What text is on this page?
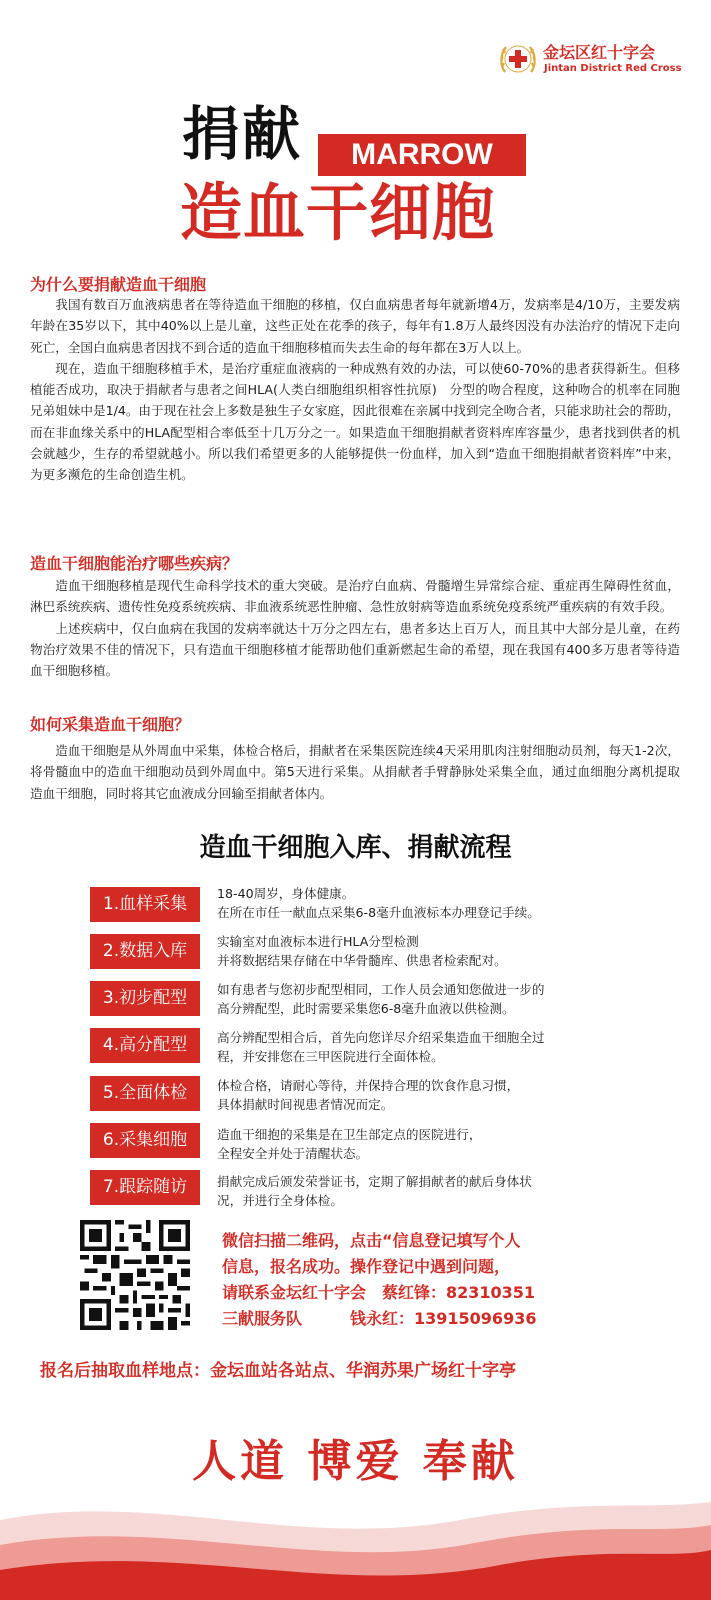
金坛区红十字会
Jintan District Red Cross
捐献	MARROW
造血干细胞
为什么要捐献造血干细胞

我国有数百万血液病患者在等待造血干细胞的移植，仅白血病患者每年就新增4万，发病率是4/10万，主要发病年龄在35岁以下，其中40%以上是儿童，这些正处在花季的孩子，每年有1.8万人最终因没有办法治疗的情况下走向死亡，全国白血病患者因找不到合适的造血干细胞移植而失去生命的每年都在3万人以上。

现在，造血干细胞移植手术，是治疗重症血液病的一种成熟有效的办法，可以使60-70%的患者获得新生。但移植能否成功，取决于捐献者与患者之间HLA(人类白细胞组织相容性抗原)　分型的吻合程度，这种吻合的机率在同胞兄弟姐妹中是1/4。由于现在社会上多数是独生子女家庭，因此很难在亲属中找到完全吻合者，只能求助社会的帮助，而在非血缘关系中的HLA配型相合率低至十几万分之一。如果造血干细胞捐献者资料库库容量少，患者找到供者的机会就越少，生存的希望就越小。所以我们希望更多的人能够提供一份血样，加入到“造血干细胞捐献者资料库”中来，为更多濒危的生命创造生机。

造血干细胞能治疗哪些疾病？

造血干细胞移植是现代生命科学技术的重大突破。是治疗白血病、骨髓增生异常综合症、重症再生障碍性贫血，淋巴系统疾病、遗传性免疫系统疾病、非血液系统恶性肿瘤、急性放射病等造血系统免疫系统严重疾病的有效手段。

上述疾病中，仅白血病在我国的发病率就达十万分之四左右，患者多达上百万人，而且其中大部分是儿童，在药物治疗效果不佳的情况下，只有造血干细胞移植才能帮助他们重新燃起生命的希望，现在我国有400多万患者等待造血干细胞移植。

如何采集造血干细胞？

造血干细胞是从外周血中采集，体检合格后，捐献者在采集医院连续4天采用肌肉注射细胞动员剂，每天1-2次，将骨髓血中的造血干细胞动员到外周血中。第5天进行采集。从捐献者手臂静脉处采集全血，通过血细胞分离机提取造血干细胞，同时将其它血液成分回输至捐献者体内。

造血干细胞入库、捐献流程
1.血样采集
18-40周岁，身体健康。
在所在市任一献血点采集6-8毫升血液标本办理登记手续。
2.数据入库	实输室对血液标本进行HLA分型检测
并将数据结果存储在中华骨髓库、供患者检索配对。
3.初步配型	如有患者与您初步配型相同，工作人员会通知您做进一步的
高分辨配型，此时需要采集您6-8毫升血液以供检测。
4.高分配型	高分辨配型相合后，首先向您详尽介绍采集造血干细胞全过
程，并安排您在三甲医院进行全面体检。
5.全面体检	体检合格，请耐心等待，并保持合理的饮食作息习惯，
具体捐献时间视患者情况而定。
6.采集细胞	造血干细抱的采集是在卫生部定点的医院进行，
全程安全并处于清醒状态。
7.跟踪随访	捐献完成后颁发荣誉证书，定期了解捐献者的献后身体状
况，并进行全身体检。
微信扫描二维码，点击“信息登记填写个人
信息，报名成功。操作登记中遇到问题，
请联系金坛红十字会　蔡红锋：82310351
三献服务队　　　钱永红：13915096936
报名后抽取血样地点：金坛血站各站点、华润苏果广场红十字亭
人道 博爱 奉献
